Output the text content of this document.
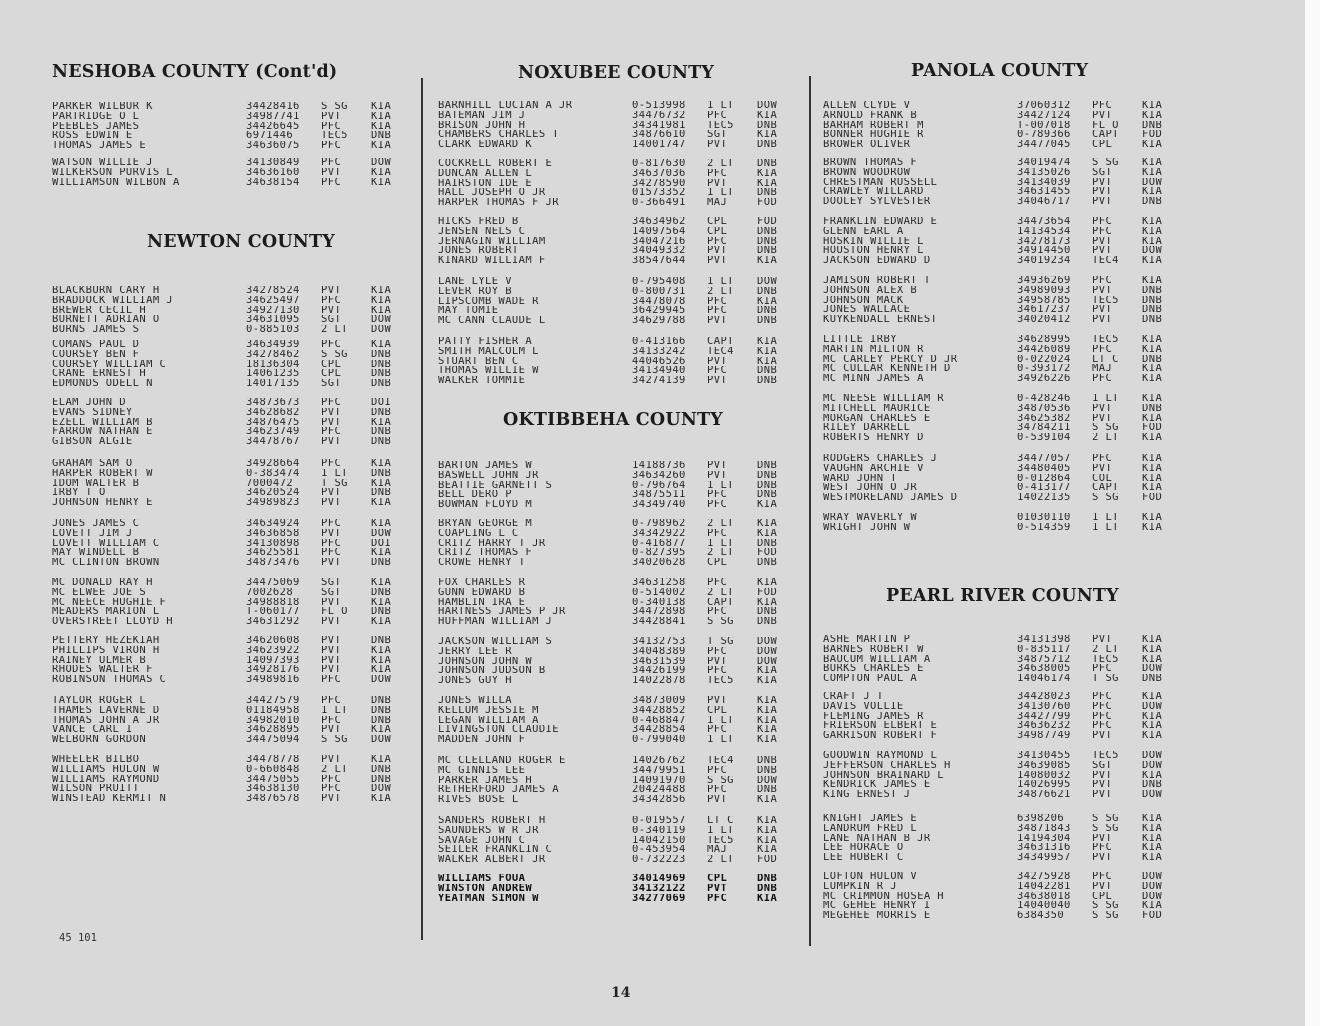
NESHOBA COUNTY (Cont'd)
PARKER WILBUR K	34428416	S SG	KIA
PARTRIDGE O L	34987741	PVT	KIA
PEEBLES JAMES	34426645	PFC	KIA
ROSS EDWIN E	6971446	TEC5	DNB
THOMAS JAMES E	34636075	PFC	KIA
WATSON WILLIE J	34130849	PFC	DOW
WILKERSON PURVIS L	34636160	PVT	KIA
WILLIAMSON WILBON A	34638154	PFC	KIA
NEWTON COUNTY
BLACKBURN CARY H	34278524	PVT	KIA
BRADDOCK WILLIAM J	34625497	PFC	KIA
BREWER CECIL H	34927130	PVT	KIA
BURNETT ADRIAN O	34631095	SGT	DOW
BURNS JAMES S	0-885103	2 LT	DOW
COMANS PAUL D	34634939	PFC	KIA
COURSEY BEN F	34278462	S SG	DNB
COURSEY WILLIAM C	18136304	CPL	DNB
CRANE ERNEST H	14061235	CPL	DNB
EDMONDS ODELL N	14017135	SGT	DNB
ELAM JOHN D	34873673	PFC	DOI
EVANS SIDNEY	34628682	PVT	DNB
EZELL WILLIAM B	34876475	PVT	KIA
FARROW NATHAN E	34623749	PFC	DNB
GIBSON ALGIE	34478767	PVT	DNB
GRAHAM SAM O	34928664	PFC	KIA
HARPER ROBERT W	0-383474	1 LT	DNB
IDOM WALTER B	7000472	T SG	KIA
IRBY T O	34620524	PVT	DNB
JOHNSON HENRY E	34989823	PVT	KIA
JONES JAMES C	34634924	PFC	KIA
LOVETT JIM J	34636858	PVT	DOW
LOVETT WILLIAM C	34130898	PFC	DOI
MAY WINDELL B	34625581	PFC	KIA
MC CLINTON BROWN	34873476	PVT	DNB
MC DONALD RAY H	34475069	SGT	KIA
MC ELWEE JOE S	7002628	SGT	DNB
MC NEECE HUGHIE F	34988818	PVT	KIA
MEADERS MARION L	T-060177	FL O	DNB
OVERSTREET LLOYD H	34631292	PVT	KIA
PETTERY HEZEKIAH	34620608	PVT	DNB
PHILLIPS VIRON H	34623922	PVT	KIA
RAINEY ULMER B	14097393	PVT	KIA
RHODES WALTER F	34928176	PVT	KIA
ROBINSON THOMAS C	34989816	PFC	DOW
TAYLOR ROGER L	34427579	PFC	DNB
THAMES LAVERNE D	01184958	1 LT	DNB
THOMAS JOHN A JR	34982010	PFC	DNB
VANCE CARL I	34628895	PVT	KIA
WELBORN GORDON	34475094	S SG	DOW
WHEELER BILBO	34478778	PVT	KIA
WILLIAMS HULON W	0-660848	2 LT	DNB
WILLIAMS RAYMOND	34475055	PFC	DNB
WILSON PRUITT	34638130	PFC	DOW
WINSTEAD KERMIT N	34876578	PVT	KIA
NOXUBEE COUNTY
BARNHILL LUCIAN A JR	0-513998	1 LT	DOW
BATEMAN JIM J	34476732	PFC	KIA
BRISON JOHN H	34341981	TEC5	DNB
CHAMBERS CHARLES T	34876610	SGT	KIA
CLARK EDWARD K	14001747	PVT	DNB
COCKRELL ROBERT E	0-817630	2 LT	DNB
DUNCAN ALLEN L	34637036	PFC	KIA
HAIRSTON IDE E	34278590	PVT	KIA
HALL JOSEPH O JR	01573352	1 LT	DNB
HARPER THOMAS F JR	0-366491	MAJ	FOD
HICKS FRED B	34634962	CPL	FOD
JENSEN NELS C	14097564	CPL	DNB
JERNAGIN WILLIAM	34047216	PFC	DNB
JONES ROBERT	34049332	PVT	DNB
KINARD WILLIAM F	38547644	PVT	KIA
LANE LYLE V	0-795408	1 LT	DOW
LEVER ROY B	0-800731	2 LT	DNB
LIPSCOMB WADE R	34478078	PFC	KIA
MAY TOMIE	36429945	PFC	DNB
MC CANN CLAUDE L	34629788	PVT	DNB
PATTY FISHER A	0-413166	CAPT	KIA
SMITH MALCOLM L	34133242	TEC4	KIA
STUART BEN C	44046526	PVT	KIA
THOMAS WILLIE W	34134940	PFC	DNB
WALKER TOMMIE	34274139	PVT	DNB
OKTIBBEHA COUNTY
BARTON JAMES W	14188736	PVT	DNB
BASWELL JOHN JR	34634260	PVT	DNB
BEATTIE GARNETT S	0-796764	1 LT	DNB
BELL DERO P	34875511	PFC	DNB
BOWMAN FLOYD M	34349740	PFC	KIA
BRYAN GEORGE M	0-798962	2 LT	KIA
COAPLING L C	34342922	PFC	KIA
CRITZ HARRY T JR	0-416877	1 LT	DNB
CRITZ THOMAS F	0-827395	2 LT	FOD
CROWE HENRY T	34020628	CPL	DNB
FOX CHARLES R	34631258	PFC	KIA
GUNN EDWARD B	0-514002	2 LT	FOD
HAMBLIN IRA E	0-340138	CAPT	KIA
HARTNESS JAMES P JR	34472898	PFC	DNB
HUFFMAN WILLIAM J	34428841	S SG	DNB
JACKSON WILLIAM S	34132753	T SG	DOW
JERRY LEE R	34048389	PFC	DOW
JOHNSON JOHN W	34631539	PVT	DOW
JOHNSON JUDSON B	34426199	PFC	KIA
JONES GUY H	14022878	TEC5	KIA
JONES WILLA	34873009	PVT	KIA
KELLUM JESSIE M	34428852	CPL	KIA
LEGAN WILLIAM A	0-468847	1 LT	KIA
LIVINGSTON CLAUDIE	34428854	PFC	KIA
MADDEN JOHN F	0-799040	1 LT	KIA
MC CLELLAND ROGER E	14026762	TEC4	DNB
MC GINNIS LEE	34479951	PFC	DNB
PARKER JAMES H	14091970	S SG	DOW
RETHERFORD JAMES A	20424488	PFC	DNB
RIVES BOSE L	34342856	PVT	KIA
SANDERS ROBERT H	0-019557	LT C	KIA
SAUNDERS W R JR	0-340119	1 LT	KIA
SAVAGE JOHN C	14042150	TEC5	KIA
SEILER FRANKLIN C	0-453954	MAJ	KIA
WALKER ALBERT JR	0-732223	2 LT	FOD
WILLIAMS FOUA	34014969	CPL	DNB
WINSTON ANDREW	34132122	PVT	DNB
YEATMAN SIMON W	34277069	PFC	KIA
PANOLA COUNTY
ALLEN CLYDE V	37060312	PFC	KIA
ARNOLD FRANK B	34427124	PVT	KIA
BARHAM ROBERT M	T-007018	FL O	DNB
BONNER HUGHIE R	0-789366	CAPT	FOD
BROWER OLIVER	34477045	CPL	KIA
BROWN THOMAS F	34019474	S SG	KIA
BROWN WOODROW	34135026	SGT	KIA
CHRESTMAN RUSSELL	34134039	PVT	DOW
CRAWLEY WILLARD	34631455	PVT	KIA
DOOLEY SYLVESTER	34046717	PVT	DNB
FRANKLIN EDWARD E	34473654	PFC	KIA
GLENN EARL A	14134534	PFC	KIA
HOSKIN WILLIE L	34278173	PVT	KIA
HOUSTON HENRY L	34914450	PVT	DOW
JACKSON EDWARD D	34019234	TEC4	KIA
JAMISON ROBERT T	34936269	PFC	KIA
JOHNSON ALEX B	34989093	PVT	DNB
JOHNSON MACK	34958785	TEC5	DNB
JONES WALLACE	34617237	PVT	DNB
KUYKENDALL ERNEST	34020412	PVT	DNB
LITTLE IRBY	34628995	TEC5	KIA
MARTIN MILTON R	34426089	PFC	KIA
MC CARLEY PERCY D JR	0-022024	LT C	DNB
MC CULLAR KENNETH D	0-393172	MAJ	KIA
MC MINN JAMES A	34926226	PFC	KIA
MC NEESE WILLIAM R	0-428246	1 LT	KIA
MITCHELL MAURICE	34870536	PVT	DNB
MORGAN CHARLES E	34625382	PVT	KIA
RILEY DARRELL	34784211	S SG	FOD
ROBERTS HENRY D	0-539104	2 LT	KIA
RODGERS CHARLES J	34477057	PFC	KIA
VAUGHN ARCHIE V	34480405	PVT	KIA
WARD JOHN T	0-012864	COL	KIA
WEST JOHN O JR	0-413177	CAPT	KIA
WESTMORELAND JAMES D	14022135	S SG	FOD
WRAY WAVERLY W	01030110	1 LT	KIA
WRIGHT JOHN W	0-514359	1 LT	KIA
PEARL RIVER COUNTY
ASHE MARTIN P	34131398	PVT	KIA
BARNES ROBERT W	0-835117	2 LT	KIA
BAUCUM WILLIAM A	34875712	TEC5	KIA
BURKS CHARLES E	34638005	PFC	DOW
COMPTON PAUL A	14046174	T SG	DNB
CRAFT J T	34428023	PFC	KIA
DAVIS VOLLIE	34130760	PFC	DOW
FLEMING JAMES R	34427799	PFC	KIA
FRIERSON ELBERT E	34636232	PFC	KIA
GARRISON ROBERT F	34987749	PVT	KIA
GOODWIN RAYMOND L	34130455	TEC5	DOW
JEFFERSON CHARLES H	34639085	SGT	DOW
JOHNSON BRAINARD L	14080032	PVT	KIA
KENDRICK JAMES E	14026995	PVT	DNB
KING ERNEST J	34876621	PVT	DOW
KNIGHT JAMES E	6398206	S SG	KIA
LANDRUM FRED L	34871843	S SG	KIA
LANE NATHAN B JR	14194304	PVT	KIA
LEE HORACE O	34631316	PFC	KIA
LEE HUBERT C	34349957	PVT	KIA
LOFTON HULON V	34275928	PFC	DOW
LUMPKIN R J	14042281	PVT	DOW
MC CRIMMON HOSEA H	34638018	CPL	DOW
MC GEHEE HENRY I	14040040	S SG	KIA
MEGEHEE MORRIS E	6384350	S SG	FOD
45 101
14
